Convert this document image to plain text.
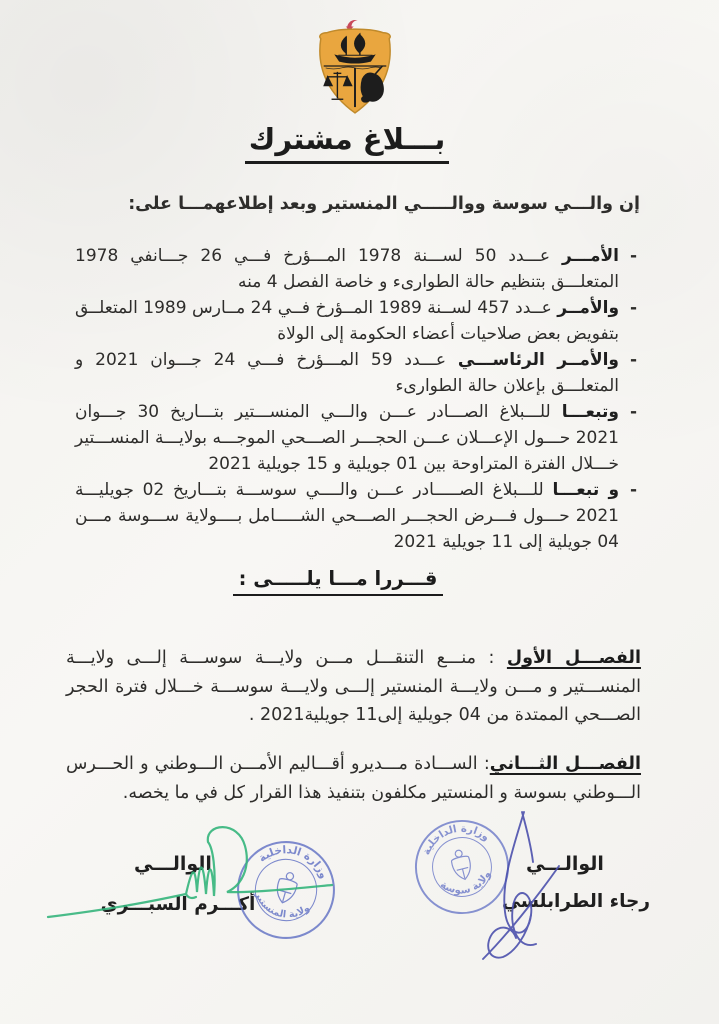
بـــلاغ مشترك

إن والـــي سوسة ووالـــــي المنستير وبعد إطلاعهمـــا على:

- الأمـــر عـــدد 50 لســـنة 1978 المـــؤرخ فـــي 26 جـــانفي 1978 المتعلـــق بتنظيم حالة الطوارىء و خاصة الفصل 4 منه
- والأمــر عــدد 457 لســنة 1989 المــؤرخ فــي 24 مــارس 1989 المتعلــق بتفويض بعض صلاحيات أعضاء الحكومة إلى الولاة
- والأمــر الرئاســـي عـــدد 59 المـــؤرخ فـــي 24 جـــوان 2021 و المتعلـــق بإعلان حالة الطوارىء
- وتبعـــا للـــبلاغ الصـــادر عـــن والـــي المنســـتير بتـــاريخ 30 جـــوان 2021 حـــول الإعـــلان عـــن الحجـــر الصـــحي الموجـــه بولايـــة المنســـتير خـــلال الفترة المتراوحة بين 01 جويلية و 15 جويلية 2021
- و تبعـــا للـــبلاغ الصـــــادر عـــن والــــي سوســـة بتـــاريخ 02 جويليـــة 2021 حـــول فـــرض الحجـــر الصـــحي الشـــــامل بــــولاية ســـوسة مـــن 04 جويلية إلى 11 جويلية 2021
قـــررا مـــا يلـــــى :

الفصـــل الأول : منـــع التنقـــل مـــن ولايـــة سوســـة إلـــى ولايـــة المنســـتير و مـــن ولايـــة المنستير إلـــى ولايـــة سوســـة خـــلال فترة الحجر الصـــحي الممتدة من 04 جويلية إلى11 جويلية2021 .

الفصـــل الثـــاني: الســـادة مـــديرو أقـــاليم الأمـــن الـــوطني و الحـــرس الـــوطني بسوسة و المنستير مكلفون بتنفيذ هذا القرار كل في ما يخصه.

الوالـــي
رجاء الطرابلسي
الوالـــي
أكـــرم السبـــري
وزارة الداخلية
ولاية سوسة
وزارة الداخلية
ولاية المنستير
